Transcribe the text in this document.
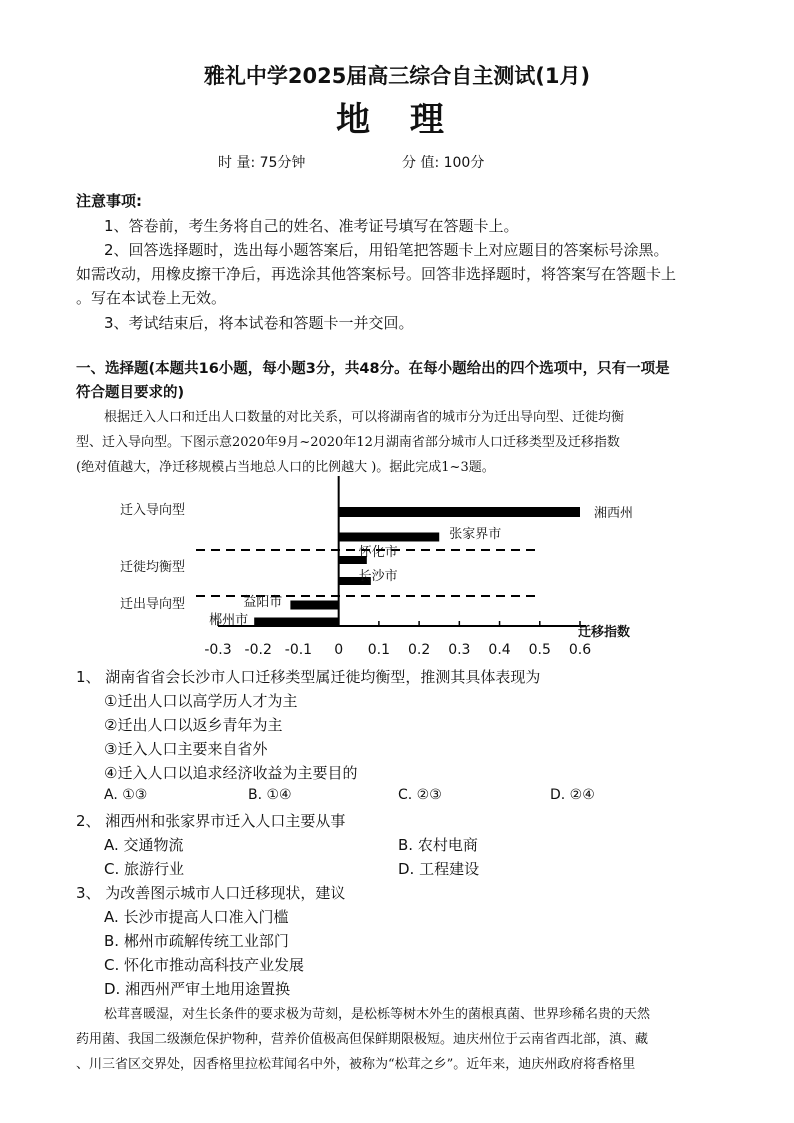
雅礼中学2025届高三综合自主测试(1月)
地 理
时 量: 75分钟	分 值: 100分
注意事项:
1、答卷前，考生务将自己的姓名、准考证号填写在答题卡上。
2、回答选择题时，选出每小题答案后，用铅笔把答题卡上对应题目的答案标号涂黑。
如需改动，用橡皮擦干净后，再选涂其他答案标号。回答非选择题时，将答案写在答题卡上
。写在本试卷上无效。
3、考试结束后，将本试卷和答题卡一并交回。
一、选择题(本题共16小题，每小题3分，共48分。在每小题给出的四个选项中，只有一项是
符合题目要求的)
根据迁入人口和迁出人口数量的对比关系，可以将湖南省的城市分为迁出导向型、迁徙均衡
型、迁入导向型。下图示意2020年9月~2020年12月湖南省部分城市人口迁移类型及迁移指数
(绝对值越大，净迁移规模占当地总人口的比例越大 )。据此完成1~3题。
-0.3 -0.2 -0.1 0 0.1 0.2 0.3 0.4 0.5 0.6
迁移指数
迁入导向型
迁徙均衡型
迁出导向型
湘西州
张家界市
怀化市
长沙市
益阳市
郴州市
1、 湖南省省会长沙市人口迁移类型属迁徙均衡型，推测其具体表现为
①迁出人口以高学历人才为主
②迁出人口以返乡青年为主
③迁入人口主要来自省外
④迁入人口以追求经济收益为主要目的
A. ①③	B. ①④	C. ②③	D. ②④
2、 湘西州和张家界市迁入人口主要从事
A. 交通物流	B. 农村电商
C. 旅游行业	D. 工程建设
3、 为改善图示城市人口迁移现状，建议
A. 长沙市提高人口准入门槛
B. 郴州市疏解传统工业部门
C. 怀化市推动高科技产业发展
D. 湘西州严审土地用途置换
松茸喜暖湿，对生长条件的要求极为苛刻，是松栎等树木外生的菌根真菌、世界珍稀名贵的天然
药用菌、我国二级濒危保护物种，营养价值极高但保鲜期限极短。迪庆州位于云南省西北部，滇、藏
、川三省区交界处，因香格里拉松茸闻名中外，被称为“松茸之乡”。近年来，迪庆州政府将香格里
